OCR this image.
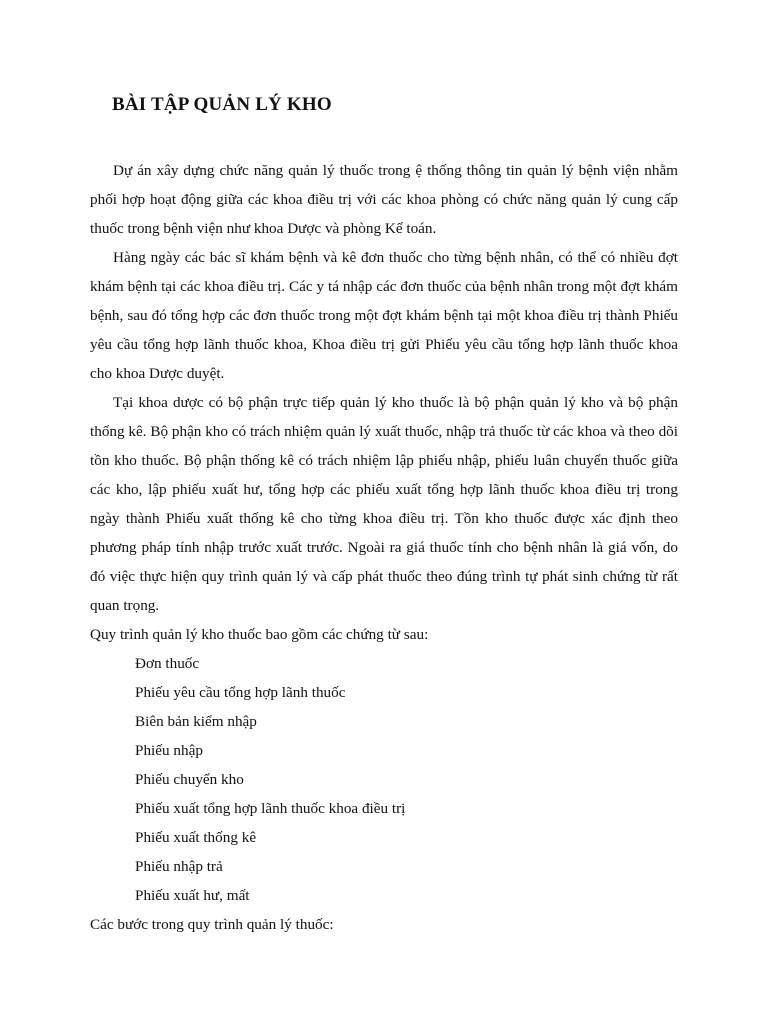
BÀI TẬP QUẢN LÝ KHO

Dự án xây dựng chức năng quản lý thuốc trong ệ thống thông tin quản lý bệnh viện nhằm phối hợp hoạt động giữa các khoa điều trị với các khoa phòng có chức năng quản lý cung cấp thuốc trong bệnh viện như khoa Dược và phòng Kế toán.

Hàng ngày các bác sĩ khám bệnh và kê đơn thuốc cho từng bệnh nhân, có thể có nhiều đợt khám bệnh tại các khoa điều trị. Các y tá nhập các đơn thuốc của bệnh nhân trong một đợt khám bệnh, sau đó tổng hợp các đơn thuốc trong một đợt khám bệnh tại một khoa điều trị thành Phiếu yêu cầu tổng hợp lãnh thuốc khoa, Khoa điều trị gửi Phiếu yêu cầu tổng hợp lãnh thuốc khoa cho khoa Dược duyệt.

Tại khoa dược có bộ phận trực tiếp quản lý kho thuốc là bộ phận quản lý kho và bộ phận thống kê. Bộ phận kho có trách nhiệm quản lý xuất thuốc, nhập trả thuốc từ các khoa và theo dõi tồn kho thuốc. Bộ phận thống kê có trách nhiệm lập phiếu nhập, phiếu luân chuyển thuốc giữa các kho, lập phiếu xuất hư, tổng hợp các phiếu xuất tổng hợp lãnh thuốc khoa điều trị trong ngày thành Phiếu xuất thống kê cho từng khoa điều trị. Tồn kho thuốc được xác định theo phương pháp tính nhập trước xuất trước. Ngoài ra giá thuốc tính cho bệnh nhân là giá vốn, do đó việc thực hiện quy trình quản lý và cấp phát thuốc theo đúng trình tự phát sinh chứng từ rất quan trọng.

Quy trình quản lý kho thuốc bao gồm các chứng từ sau:

Đơn thuốc
Phiếu yêu cầu tổng hợp lãnh thuốc
Biên bản kiểm nhập
Phiếu nhập
Phiếu chuyển kho
Phiếu xuất tổng hợp lãnh thuốc khoa điều trị
Phiếu xuất thống kê
Phiếu nhập trả
Phiếu xuất hư, mất

Các bước trong quy trình quản lý thuốc:
